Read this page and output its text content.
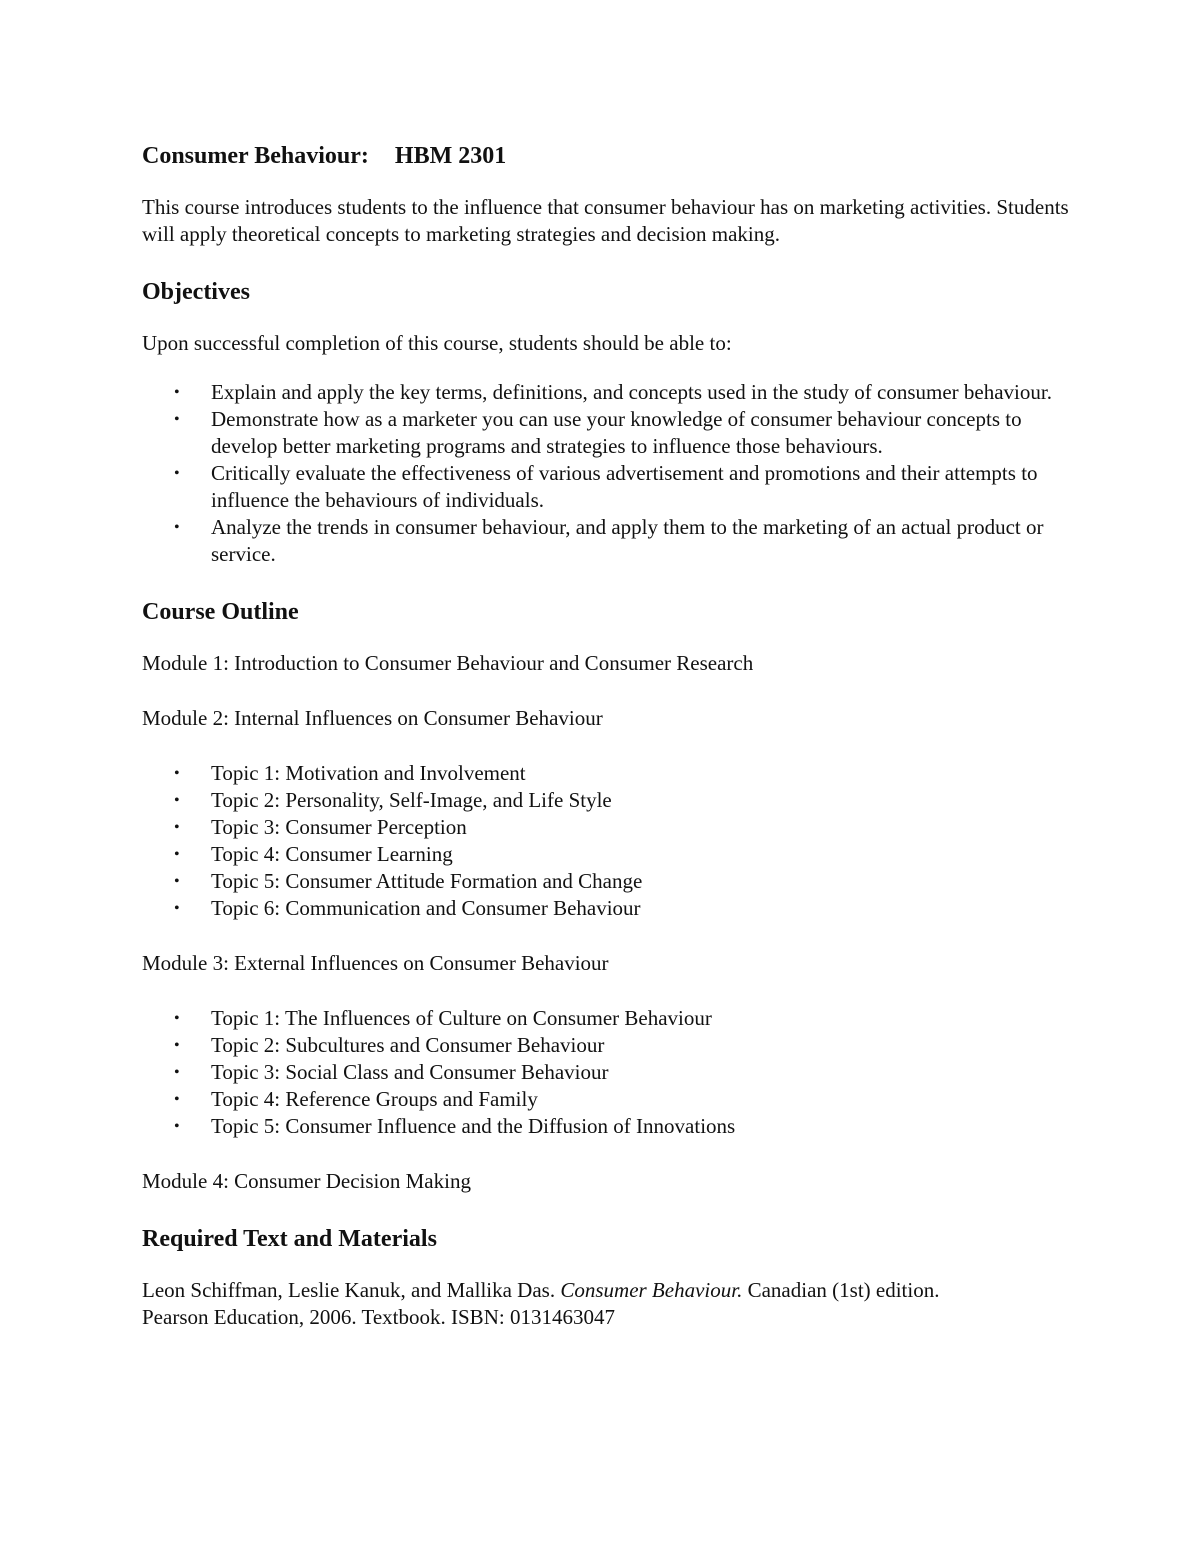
Consumer Behaviour: HBM 2301

This course introduces students to the influence that consumer behaviour has on marketing activities. Students will apply theoretical concepts to marketing strategies and decision making.

Objectives

Upon successful completion of this course, students should be able to:

• Explain and apply the key terms, definitions, and concepts used in the study of consumer behaviour.
• Demonstrate how as a marketer you can use your knowledge of consumer behaviour concepts to develop better marketing programs and strategies to influence those behaviours.
• Critically evaluate the effectiveness of various advertisement and promotions and their attempts to influence the behaviours of individuals.
• Analyze the trends in consumer behaviour, and apply them to the marketing of an actual product or service.
Course Outline

Module 1: Introduction to Consumer Behaviour and Consumer Research

Module 2: Internal Influences on Consumer Behaviour

• Topic 1: Motivation and Involvement
• Topic 2: Personality, Self-Image, and Life Style
• Topic 3: Consumer Perception
• Topic 4: Consumer Learning
• Topic 5: Consumer Attitude Formation and Change
• Topic 6: Communication and Consumer Behaviour

Module 3: External Influences on Consumer Behaviour

• Topic 1: The Influences of Culture on Consumer Behaviour
• Topic 2: Subcultures and Consumer Behaviour
• Topic 3: Social Class and Consumer Behaviour
• Topic 4: Reference Groups and Family
• Topic 5: Consumer Influence and the Diffusion of Innovations

Module 4: Consumer Decision Making

Required Text and Materials

Leon Schiffman, Leslie Kanuk, and Mallika Das. Consumer Behaviour. Canadian (1st) edition.
Pearson Education, 2006. Textbook. ISBN: 0131463047
